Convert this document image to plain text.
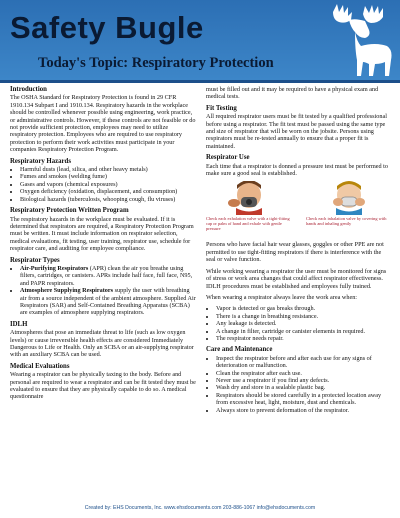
Safety Bugle
Today's Topic: Respiratory Protection
Introduction

The OSHA Standard for Respiratory Protection is found in 29 CFR 1910.134 Subpart I and 1910.134. Respiratory hazards in the workplace should be controlled whenever possible using engineering, work practice, or administrative controls. However, if these controls are not feasible or do not provide sufficient protection, employees may need to utilize respiratory protection. Employees who are required to use respiratory protection to perform their work activities must participate in your companies Respiratory Protection Program.

Respiratory Hazards
• Harmful dusts (lead, silica, and other heavy metals)
• Fumes and smokes (welding fume)
• Gases and vapors (chemical exposures)
• Oxygen deficiency (oxidation, displacement, and consumption)
• Biological hazards (tuberculosis, whooping cough, flu viruses)
Respiratory Protection Written Program

The respiratory hazards in the workplace must be evaluated. If it is determined that respirators are required, a Respiratory Protection Program must be written. It must include information on respirator selection, medical evaluations, fit testing, user training, respirator use, schedule for respirator care, and auditing for employee compliance.

Respirator Types
• Air-Purifying Respirators (APR) clean the air you breathe using filters, cartridges, or canisters. APRs include half face, full face, N95, and PAPR respirators.
• Atmosphere Supplying Respirators supply the user with breathing air from a source independent of the ambient atmosphere. Supplied Air Respirators (SAR) and Self-Contained Breathing Apparatus (SCBA) are examples of atmosphere supplying respirators.
IDLH

Atmospheres that pose an immediate threat to life (such as low oxygen levels) or cause irreversible health effects are considered Immediately Dangerous to Life or Health. Only an SCBA or an air-supplying respirator with an auxiliary SCBA can be used.

Medical Evaluations

Wearing a respirator can be physically taxing to the body. Before and personal are required to wear a respirator and can be fit tested they must be evaluated to ensure that they are physically capable to do so. A medical questionnaire

must be filled out and it may be required to have a physical exam and medical tests.

Fit Testing

All required respirator users must be fit tested by a qualified professional before using a respirator. The fit test must be passed using the same type and size of respirator that will be worn on the jobsite. Persons using respirators must be re-tested annually to ensure that a proper fit is maintained.

Respirator Use

Each time that a respirator is donned a pressure test must be performed to make sure a good seal is established.

Check each exhalation valve with a tight-fitting cap or palm of hand and exhale with gentle pressure
Check each inhalation valve by covering with hands and inhaling gently

Persons who have facial hair wear glasses, goggles or other PPE are not permitted to use tight-fitting respirators if there is interference with the seal or valve function.

While working wearing a respirator the user must be monitored for signs of stress or work area changes that could affect respirator effectiveness. IDLH procedures must be established and employees fully trained.

When wearing a respirator always leave the work area when:

• Vapor is detected or gas breaks through.
• There is a change in breathing resistance.
• Any leakage is detected.
• A change in filter, cartridge or canister elements in required.
• The respirator needs repair.
Care and Maintenance
• Inspect the respirator before and after each use for any signs of deterioration or malfunction.
• Clean the respirator after each use.
• Never use a respirator if you find any defects.
• Wash dry and store in a sealable plastic bag.
• Respirators should be stored carefully in a protected location away from excessive heat, light, moisture, dust and chemicals.
• Always store to prevent deformation of the respirator.
Created by: EHS Documents, Inc. www.ehsdocuments.com 203-886-1067 info@ehsdocuments.com
